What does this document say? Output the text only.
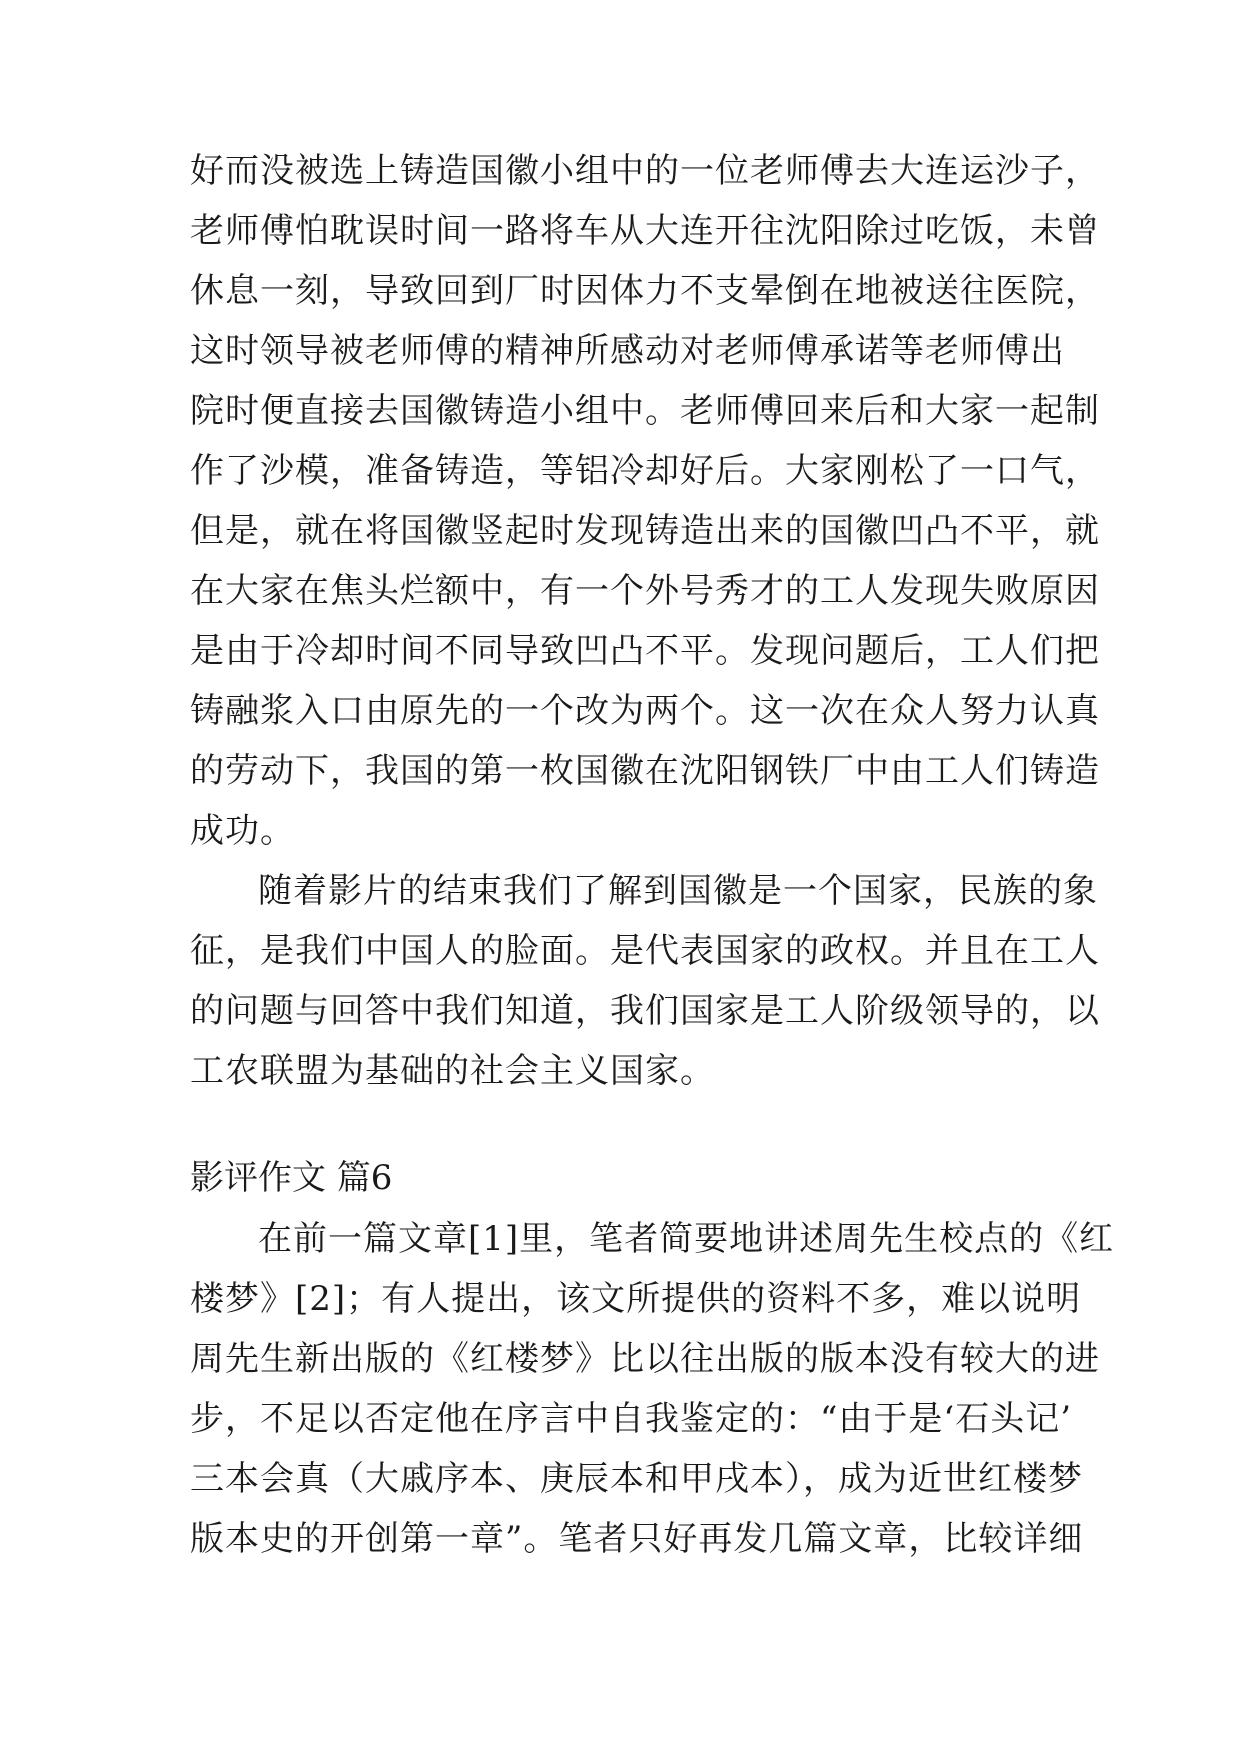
好而没被选上铸造国徽小组中的一位老师傅去大连运沙子，
老师傅怕耽误时间一路将车从大连开往沈阳除过吃饭，未曾
休息一刻，导致回到厂时因体力不支晕倒在地被送往医院，
这时领导被老师傅的精神所感动对老师傅承诺等老师傅出
院时便直接去国徽铸造小组中。老师傅回来后和大家一起制
作了沙模，准备铸造，等铝冷却好后。大家刚松了一口气，
但是，就在将国徽竖起时发现铸造出来的国徽凹凸不平，就
在大家在焦头烂额中，有一个外号秀才的工人发现失败原因
是由于冷却时间不同导致凹凸不平。发现问题后，工人们把
铸融浆入口由原先的一个改为两个。这一次在众人努力认真
的劳动下，我国的第一枚国徽在沈阳钢铁厂中由工人们铸造
成功。
随着影片的结束我们了解到国徽是一个国家，民族的象
征，是我们中国人的脸面。是代表国家的政权。并且在工人
的问题与回答中我们知道，我们国家是工人阶级领导的，以
工农联盟为基础的社会主义国家。
影评作文 篇6
在前一篇文章[1]里，笔者简要地讲述周先生校点的《红
楼梦》[2]；有人提出，该文所提供的资料不多，难以说明
周先生新出版的《红楼梦》比以往出版的版本没有较大的进
步，不足以否定他在序言中自我鉴定的：“由于是‘石头记’
三本会真（大戚序本、庚辰本和甲戌本），成为近世红楼梦
版本史的开创第一章”。笔者只好再发几篇文章，比较详细
